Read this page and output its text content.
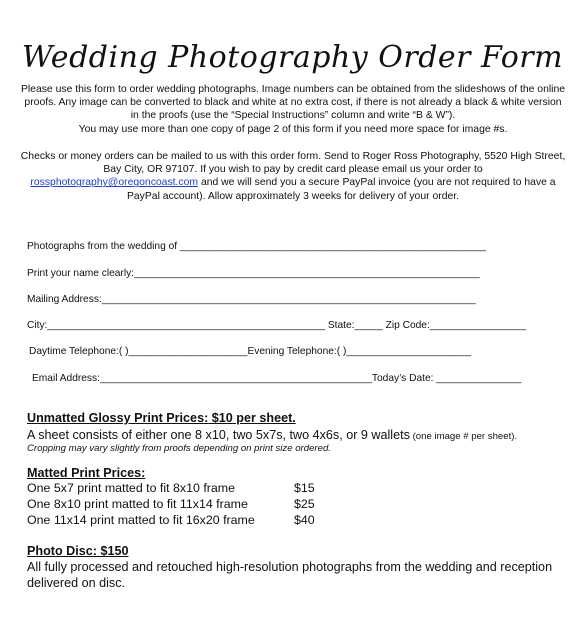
Wedding Photography Order Form
Please use this form to order wedding photographs. Image numbers can be obtained from the slideshows of the online
proofs. Any image can be converted to black and white at no extra cost, if there is not already a black & white version
in the proofs (use the “Special Instructions” column and write “B & W”).
You may use more than one copy of page 2 of this form if you need more space for image #s.
Checks or money orders can be mailed to us with this order form. Send to Roger Ross Photography, 5520 High Street,
Bay City, OR 97107. If you wish to pay by credit card please email us your order to
rossphotography@oregoncoast.com and we will send you a secure PayPal invoice (you are not required to have a
PayPal account). Allow approximately 3 weeks for delivery of your order.
Photographs from the wedding of ______________________________________________________
Print your name clearly:_____________________________________________________________
Mailing Address:__________________________________________________________________
City:_________________________________________________ State:_____ Zip Code:_________________
Daytime Telephone:( )_____________________Evening Telephone:( )______________________
Email Address:________________________________________________Today’s Date: _______________
Unmatted Glossy Print Prices: $10 per sheet.
A sheet consists of either one 8 x10, two 5x7s, two 4x6s, or 9 wallets (one image # per sheet).
Cropping may vary slightly from proofs depending on print size ordered.
Matted Print Prices:
One 5x7 print matted to fit 8x10 frame	$15
One 8x10 print matted to fit 11x14 frame	$25
One 11x14 print matted to fit 16x20 frame	$40
Photo Disc: $150
All fully processed and retouched high-resolution photographs from the wedding and reception
delivered on disc.
